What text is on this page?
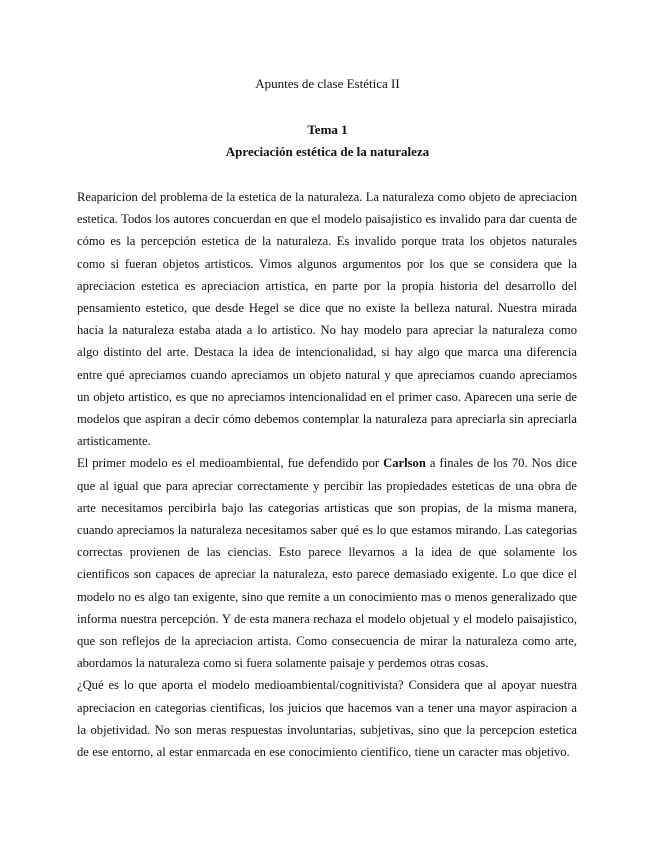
Apuntes de clase Estética II

Tema 1

Apreciación estética de la naturaleza

Reaparicion del problema de la estetica de la naturaleza. La naturaleza como objeto de apreciacion estetica. Todos los autores concuerdan en que el modelo paisajistico es invalido para dar cuenta de cómo es la percepción estetica de la naturaleza. Es invalido porque trata los objetos naturales como si fueran objetos artisticos. Vimos algunos argumentos por los que se considera que la apreciacion estetica es apreciacion artistica, en parte por la propia historia del desarrollo del pensamiento estetico, que desde Hegel se dice que no existe la belleza natural. Nuestra mirada hacia la naturaleza estaba atada a lo artistico. No hay modelo para apreciar la naturaleza como algo distinto del arte. Destaca la idea de intencionalidad, si hay algo que marca una diferencia entre qué apreciamos cuando apreciamos un objeto natural y que apreciamos cuando apreciamos un objeto artistico, es que no apreciamos intencionalidad en el primer caso. Aparecen una serie de modelos que aspiran a decir cómo debemos contemplar la naturaleza para apreciarla sin apreciarla artisticamente.

El primer modelo es el medioambiental, fue defendido por Carlson a finales de los 70. Nos dice que al igual que para apreciar correctamente y percibir las propiedades esteticas de una obra de arte necesitamos percibirla bajo las categorias artisticas que son propias, de la misma manera, cuando apreciamos la naturaleza necesitamos saber qué es lo que estamos mirando. Las categorias correctas provienen de las ciencias. Esto parece llevarnos a la idea de que solamente los cientificos son capaces de apreciar la naturaleza, esto parece demasiado exigente. Lo que dice el modelo no es algo tan exigente, sino que remite a un conocimiento mas o menos generalizado que informa nuestra percepción. Y de esta manera rechaza el modelo objetual y el modelo paisajistico, que son reflejos de la apreciacion artista. Como consecuencia de mirar la naturaleza como arte, abordamos la naturaleza como si fuera solamente paisaje y perdemos otras cosas.

¿Qué es lo que aporta el modelo medioambiental/cognitivista? Considera que al apoyar nuestra apreciacion en categorias cientificas, los juicios que hacemos van a tener una mayor aspiracion a la objetividad. No son meras respuestas involuntarias, subjetivas, sino que la percepcion estetica de ese entorno, al estar enmarcada en ese conocimiento cientifico, tiene un caracter mas objetivo.
